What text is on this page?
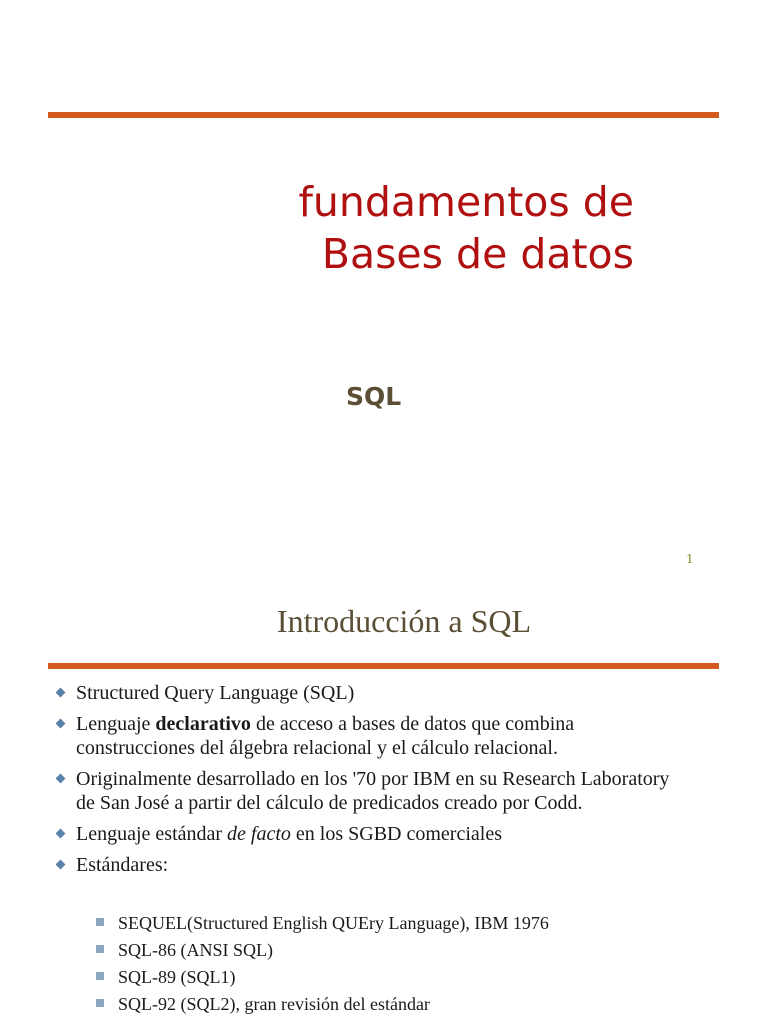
fundamentos de
Bases de datos
SQL
1
Introducción a SQL
Structured Query Language (SQL)
Lenguaje declarativo de acceso a bases de datos que combina construcciones del álgebra relacional y el cálculo relacional.
Originalmente desarrollado en los '70 por IBM en su Research Laboratory de San José a partir del cálculo de predicados creado por Codd.
Lenguaje estándar de facto en los SGBD comerciales
Estándares:
SEQUEL(Structured English QUEry Language), IBM 1976
SQL-86 (ANSI SQL)
SQL-89 (SQL1)
SQL-92 (SQL2), gran revisión del estándar
